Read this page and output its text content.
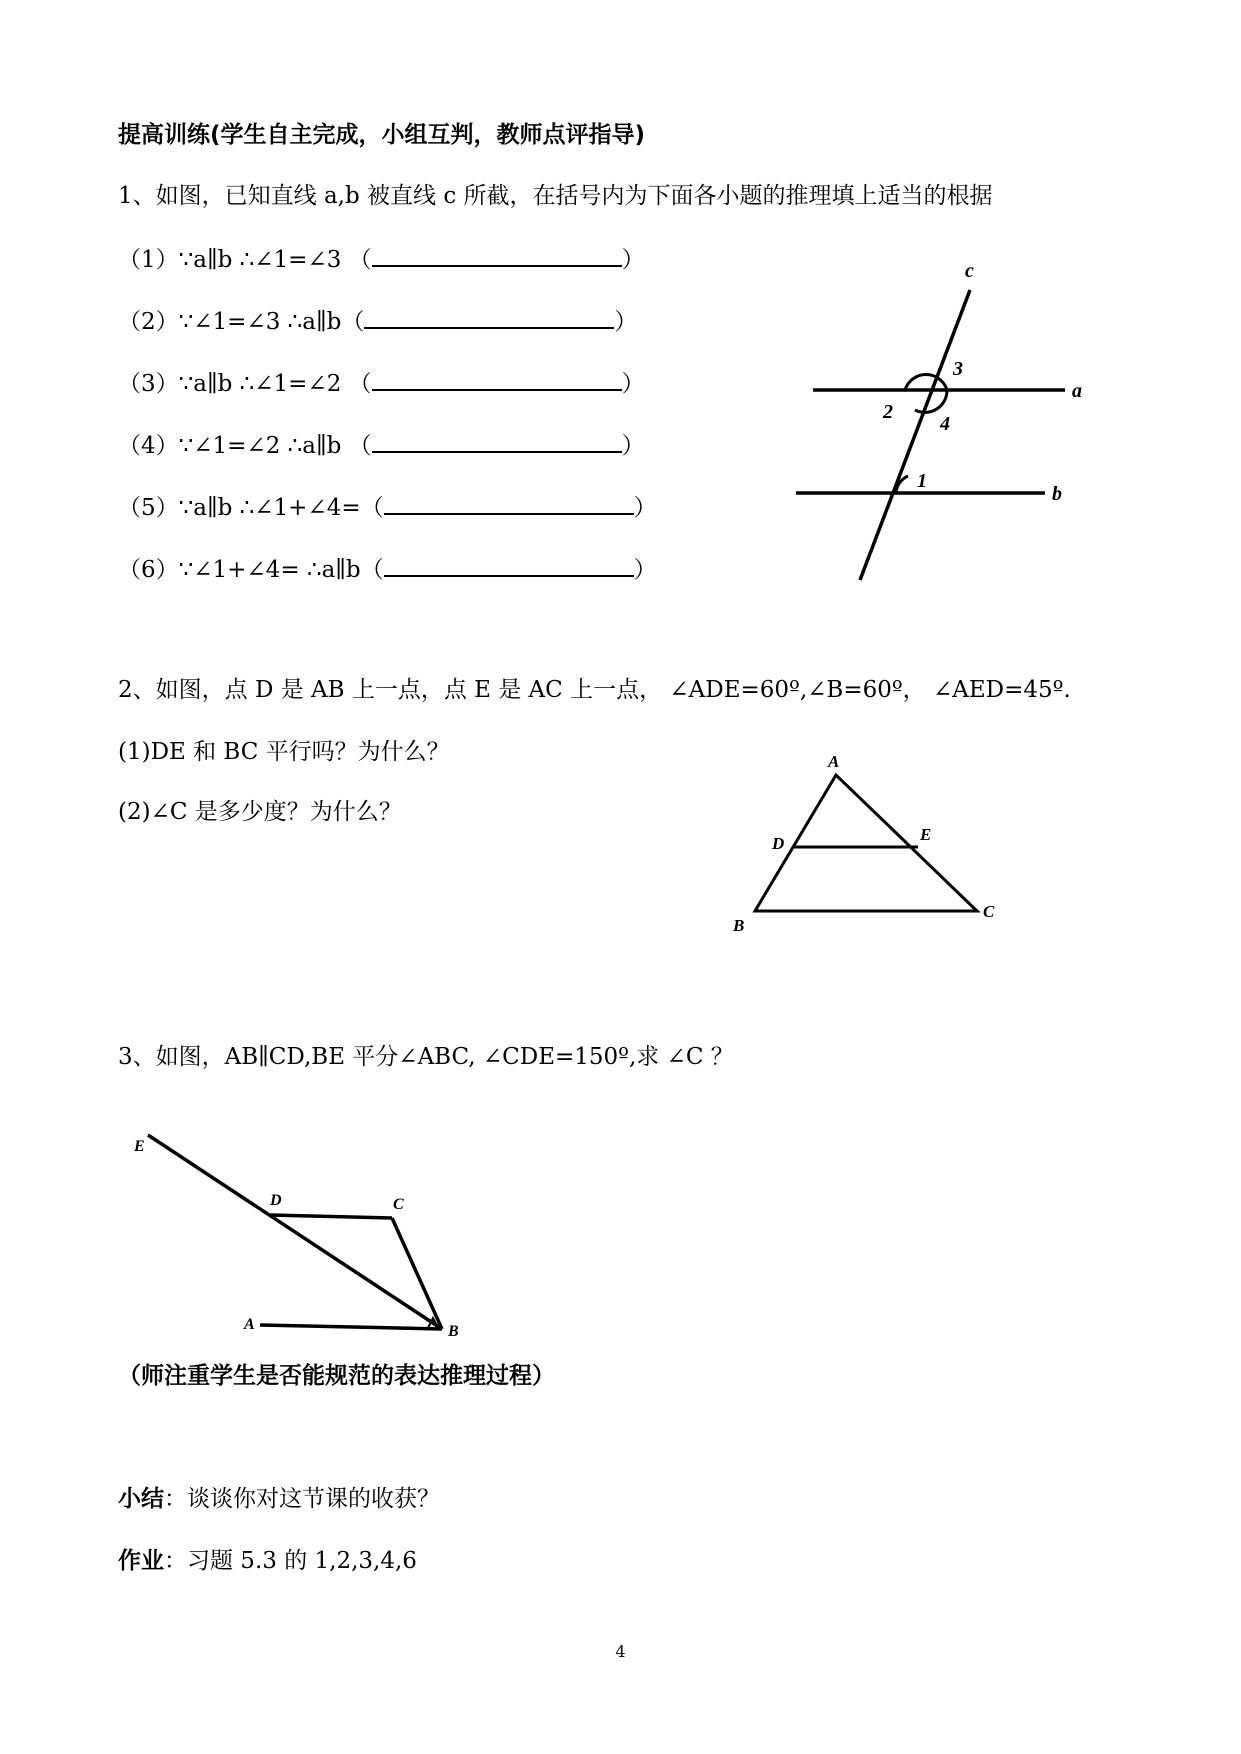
提高训练(学生自主完成，小组互判，教师点评指导)
1、如图，已知直线 a,b 被直线 c 所截，在括号内为下面各小题的推理填上适当的根据
（1）∵a∥b ∴∠1=∠3 （	）
（2）∵∠1=∠3 ∴a∥b（	）
（3）∵a∥b ∴∠1=∠2 （	）
（4）∵∠1=∠2 ∴a∥b （	）
（5）∵a∥b ∴∠1+∠4=（	）
（6）∵∠1+∠4= ∴a∥b（	）
c
a
b
3
2
4
1
2、如图，点 D 是 AB 上一点，点 E 是 AC 上一点， ∠ADE=60º,∠B=60º， ∠AED=45º.
(1)DE 和 BC 平行吗？为什么？
(2)∠C 是多少度？为什么？
A
D	E
B
C
3、如图，AB∥CD,BE 平分∠ABC, ∠CDE=150º,求 ∠C ？
E
D	C
A	B
（师注重学生是否能规范的表达推理过程）
小结：谈谈你对这节课的收获？
作业：习题 5.3 的 1,2,3,4,6
4
